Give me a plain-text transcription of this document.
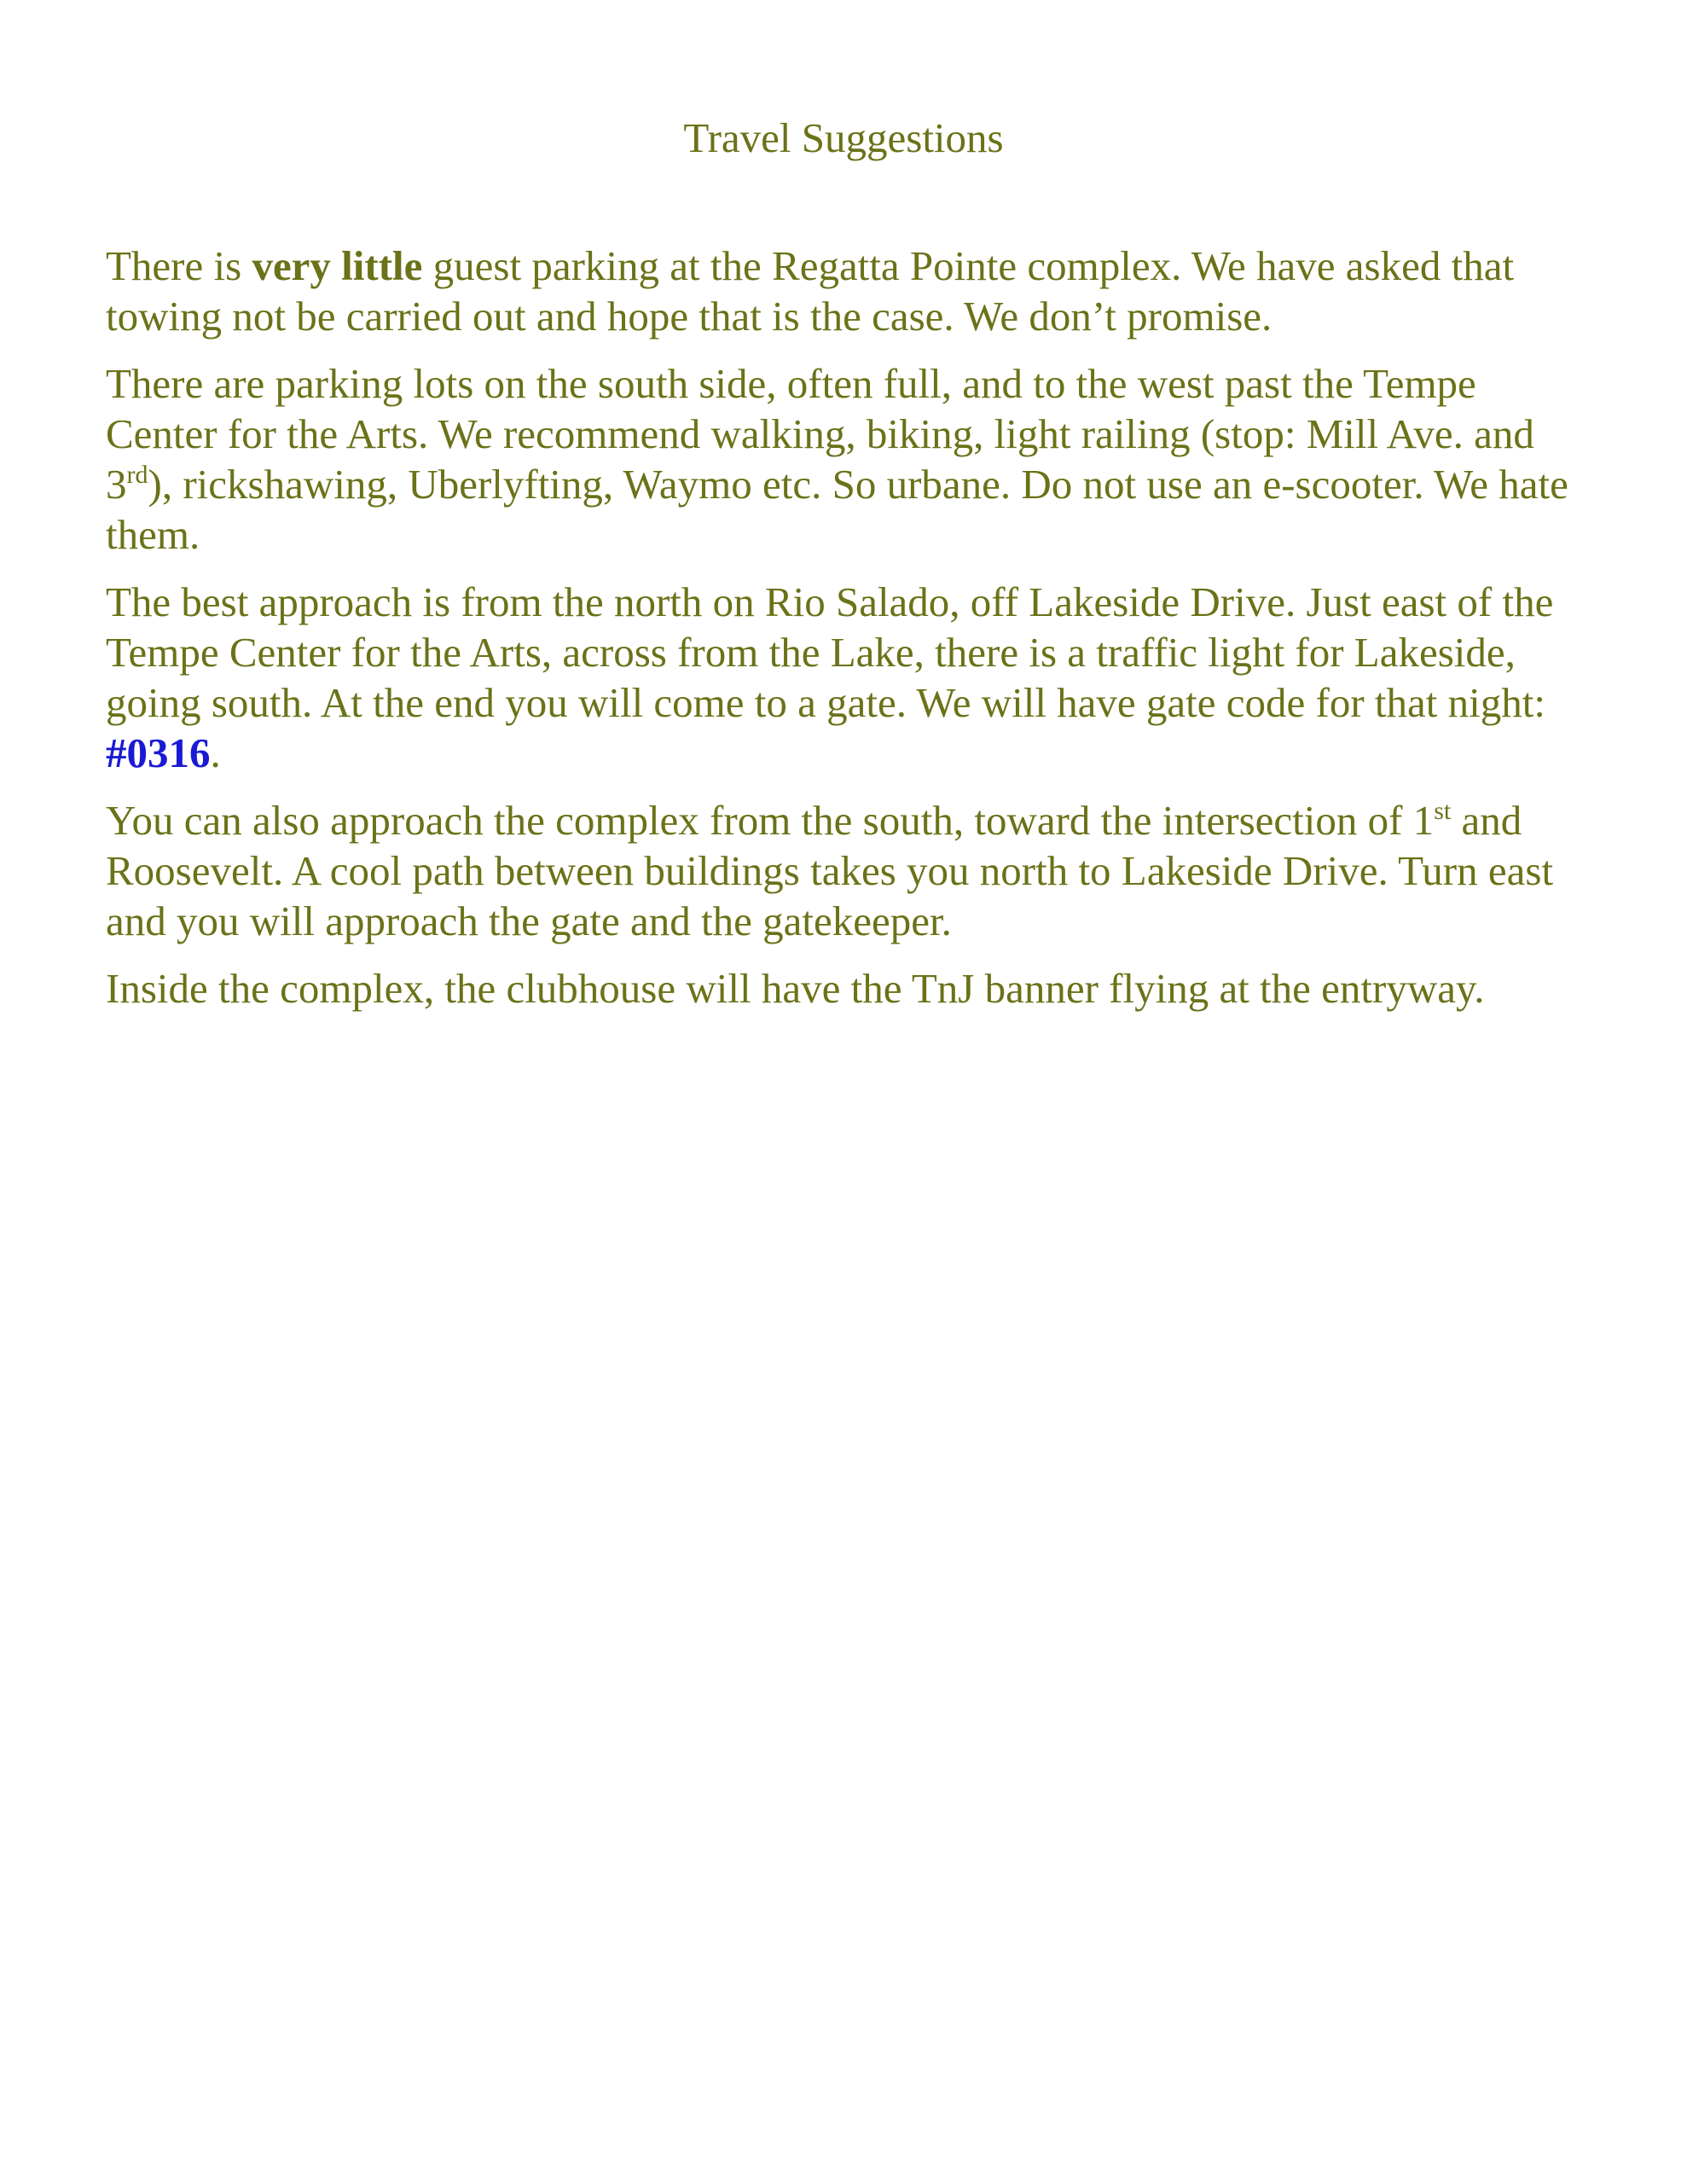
Travel Suggestions

There is very little guest parking at the Regatta Pointe complex. We have asked that towing not be carried out and hope that is the case. We don’t promise.

There are parking lots on the south side, often full, and to the west past the Tempe Center for the Arts. We recommend walking, biking, light railing (stop: Mill Ave. and 3rd), rickshawing, Uberlyfting, Waymo etc. So urbane. Do not use an e-scooter. We hate them.

The best approach is from the north on Rio Salado, off Lakeside Drive. Just east of the Tempe Center for the Arts, across from the Lake, there is a traffic light for Lakeside, going south. At the end you will come to a gate. We will have gate code for that night: #0316.

You can also approach the complex from the south, toward the intersection of 1st and Roosevelt. A cool path between buildings takes you north to Lakeside Drive. Turn east and you will approach the gate and the gatekeeper.

Inside the complex, the clubhouse will have the TnJ banner flying at the entryway.
